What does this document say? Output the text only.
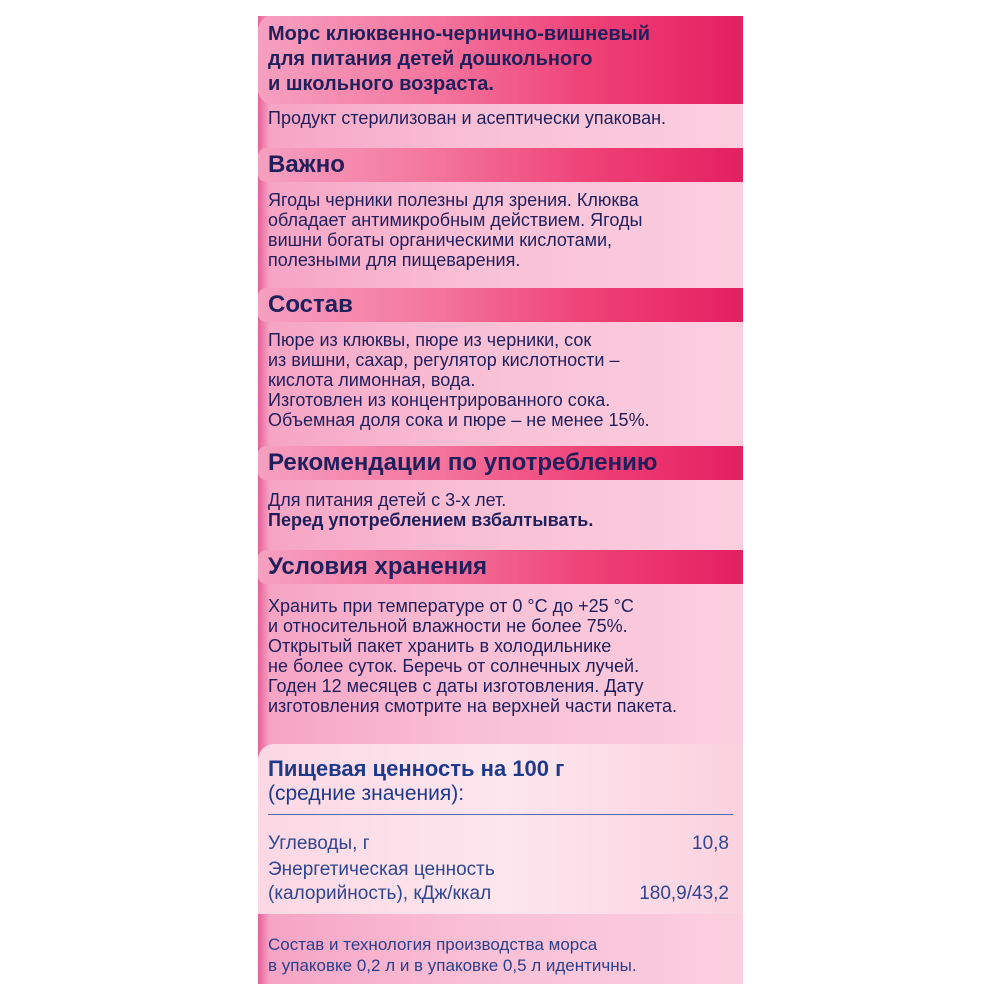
Морс клюквенно-чернично-вишневый
для питания детей дошкольного
и школьного возраста.
Продукт стерилизован и асептически упакован.
Важно
Ягоды черники полезны для зрения. Клюква
обладает антимикробным действием. Ягоды
вишни богаты органическими кислотами,
полезными для пищеварения.
Состав
Пюре из клюквы, пюре из черники, сок
из вишни, сахар, регулятор кислотности –
кислота лимонная, вода.
Изготовлен из концентрированного сока.
Объемная доля сока и пюре – не менее 15%.
Рекомендации по употреблению
Для питания детей с 3-х лет.
Перед употреблением взбалтывать.
Условия хранения
Хранить при температуре от 0 °С до +25 °С
и относительной влажности не более 75%.
Открытый пакет хранить в холодильнике
не более суток. Беречь от солнечных лучей.
Годен 12 месяцев с даты изготовления. Дату
изготовления смотрите на верхней части пакета.
Пищевая ценность на 100 г
(средние значения):
Углеводы, г	10,8
Энергетическая ценность
(калорийность), кДж/ккал	180,9/43,2
Состав и технология производства морса
в упаковке 0,2 л и в упаковке 0,5 л идентичны.
